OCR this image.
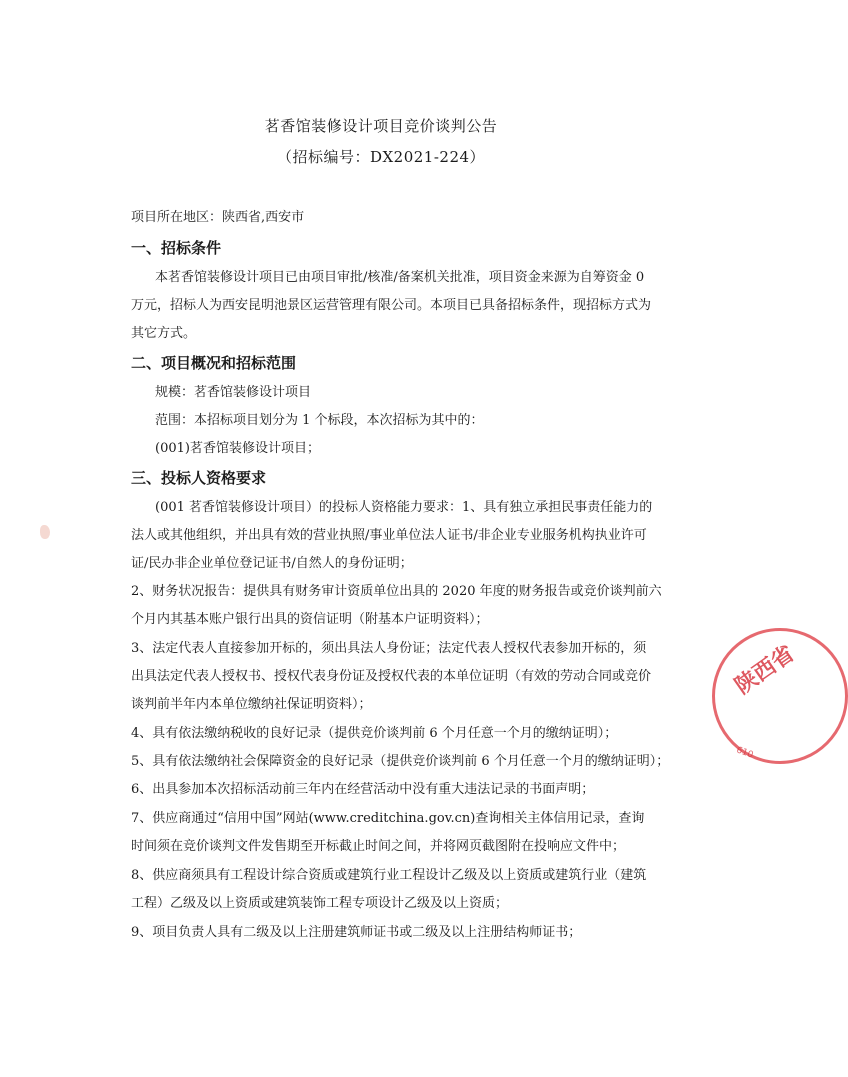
茗香馆装修设计项目竞价谈判公告
（招标编号：DX2021-224）
项目所在地区：陕西省,西安市
一、招标条件
本茗香馆装修设计项目已由项目审批/核准/备案机关批准，项目资金来源为自筹资金 0
万元，招标人为西安昆明池景区运营管理有限公司。本项目已具备招标条件，现招标方式为
其它方式。
二、项目概况和招标范围
规模：茗香馆装修设计项目
范围：本招标项目划分为 1 个标段，本次招标为其中的：
(001)茗香馆装修设计项目；
三、投标人资格要求
(001 茗香馆装修设计项目）的投标人资格能力要求：1、具有独立承担民事责任能力的
法人或其他组织，并出具有效的营业执照/事业单位法人证书/非企业专业服务机构执业许可
证/民办非企业单位登记证书/自然人的身份证明；
2、财务状况报告：提供具有财务审计资质单位出具的 2020 年度的财务报告或竞价谈判前六
个月内其基本账户银行出具的资信证明（附基本户证明资料）；
3、法定代表人直接参加开标的，须出具法人身份证；法定代表人授权代表参加开标的，须
出具法定代表人授权书、授权代表身份证及授权代表的本单位证明（有效的劳动合同或竞价
谈判前半年内本单位缴纳社保证明资料）；
4、具有依法缴纳税收的良好记录（提供竞价谈判前 6 个月任意一个月的缴纳证明）；
5、具有依法缴纳社会保障资金的良好记录（提供竞价谈判前 6 个月任意一个月的缴纳证明）；
6、出具参加本次招标活动前三年内在经营活动中没有重大违法记录的书面声明；
7、供应商通过“信用中国”网站(www.creditchina.gov.cn)查询相关主体信用记录，查询
时间须在竞价谈判文件发售期至开标截止时间之间，并将网页截图附在投响应文件中；
8、供应商须具有工程设计综合资质或建筑行业工程设计乙级及以上资质或建筑行业（建筑
工程）乙级及以上资质或建筑装饰工程专项设计乙级及以上资质；
9、项目负责人具有二级及以上注册建筑师证书或二级及以上注册结构师证书；
陕西省
610
